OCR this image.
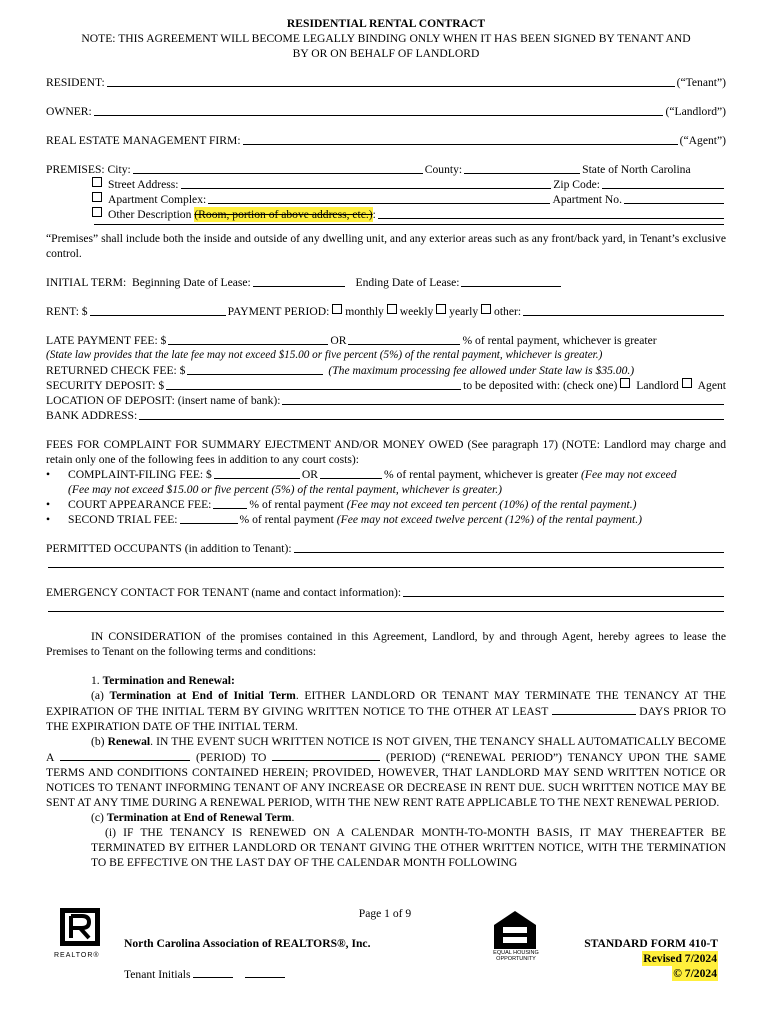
RESIDENTIAL RENTAL CONTRACT
NOTE: THIS AGREEMENT WILL BECOME LEGALLY BINDING ONLY WHEN IT HAS BEEN SIGNED BY TENANT AND
BY OR ON BEHALF OF LANDLORD
RESIDENT:	(“Tenant”)
OWNER:	(“Landlord”)
REAL ESTATE MANAGEMENT FIRM:	(“Agent”)
PREMISES:
City:	County:	State of North Carolina
Street Address:	Zip Code:
Apartment Complex:	Apartment No.
Other Description
(Room, portion of above address, etc.) :
“Premises” shall include both the inside and outside of any dwelling unit, and any exterior areas such as any front/back yard, in Tenant’s exclusive control.
INITIAL TERM:
Beginning Date of Lease:
	Ending Date of Lease:
RENT: $	PAYMENT PERIOD:
monthly
weekly
yearly
other:
LATE PAYMENT FEE: $	OR	% of rental payment, whichever is greater
(State law provides that the late fee may not exceed $15.00 or five percent (5%) of the rental payment, whichever is greater.)
RETURNED CHECK FEE: $
	(The maximum processing fee allowed under State law is $35.00.)
SECURITY DEPOSIT: $	to be deposited with: (check one)
Landlord
Agent
LOCATION OF DEPOSIT: (insert name of bank):
BANK ADDRESS:
FEES FOR COMPLAINT FOR SUMMARY EJECTMENT AND/OR MONEY OWED (See paragraph 17) (NOTE: Landlord may charge and retain only one of the following fees in addition to any court costs):
•	COMPLAINT-FILING FEE: $	OR	% of rental payment, whichever is greater
(Fee may not exceed
(Fee may not exceed $15.00 or five percent (5%) of the rental payment, whichever is greater.)
•	COURT APPEARANCE FEE:	% of rental payment
(Fee may not exceed ten percent (10%) of the rental payment.)
•	SECOND TRIAL FEE:	% of rental payment
(Fee may not exceed twelve percent (12%) of the rental payment.)
PERMITTED OCCUPANTS (in addition to Tenant):
EMERGENCY CONTACT FOR TENANT (name and contact information):
IN CONSIDERATION of the promises contained in this Agreement, Landlord, by and through Agent, hereby agrees to lease the Premises to Tenant on the following terms and conditions:
1. Termination and Renewal:
(a) Termination at End of Initial Term. EITHER LANDLORD OR TENANT MAY TERMINATE THE TENANCY AT THE EXPIRATION OF THE INITIAL TERM BY GIVING WRITTEN NOTICE TO THE OTHER AT LEAST	DAYS PRIOR TO THE EXPIRATION DATE OF THE INITIAL TERM.
(b) Renewal. IN THE EVENT SUCH WRITTEN NOTICE IS NOT GIVEN, THE TENANCY SHALL AUTOMATICALLY BECOME A	(PERIOD) TO	(PERIOD) (“RENEWAL PERIOD”) TENANCY UPON THE SAME TERMS AND CONDITIONS CONTAINED HEREIN; PROVIDED, HOWEVER, THAT LANDLORD MAY SEND WRITTEN NOTICE OR NOTICES TO TENANT INFORMING TENANT OF ANY INCREASE OR DECREASE IN RENT DUE. SUCH WRITTEN NOTICE MAY BE SENT AT ANY TIME DURING A RENEWAL PERIOD, WITH THE NEW RENT RATE APPLICABLE TO THE NEXT RENEWAL PERIOD.
(c) Termination at End of Renewal Term.
(i) IF THE TENANCY IS RENEWED ON A CALENDAR MONTH-TO-MONTH BASIS, IT MAY THEREAFTER BE TERMINATED BY EITHER LANDLORD OR TENANT GIVING THE OTHER WRITTEN NOTICE, WITH THE TERMINATION TO BE EFFECTIVE ON THE LAST DAY OF THE CALENDAR MONTH FOLLOWING
Page 1 of 9
REALTOR®
North Carolina Association of REALTORS®, Inc.
EQUAL HOUSING OPPORTUNITY
STANDARD FORM 410-T
Revised 7/2024
© 7/2024
Tenant Initials
